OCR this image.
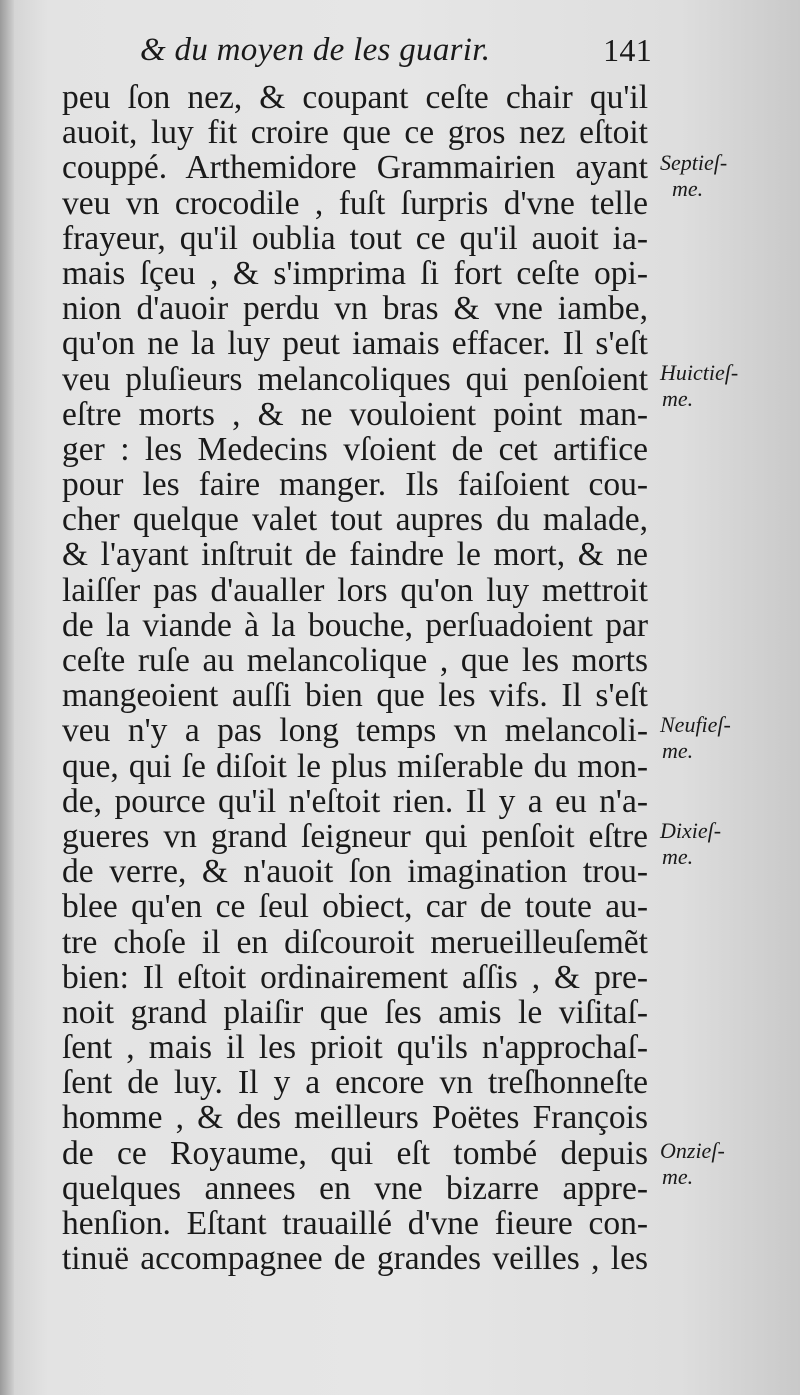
& du moyen de les guarir.	141
peu ſon nez, & coupant ceſte chair qu'il
auoit, luy fit croire que ce gros nez eſtoit
couppé. Arthemidore Grammairien ayant
veu vn crocodile , fuſt ſurpris d'vne telle
frayeur, qu'il oublia tout ce qu'il auoit ia-
mais ſçeu , & s'imprima ſi fort ceſte opi-
nion d'auoir perdu vn bras & vne iambe,
qu'on ne la luy peut iamais effacer. Il s'eſt
veu pluſieurs melancoliques qui penſoient
eſtre morts , & ne vouloient point man-
ger : les Medecins vſoient de cet artifice
pour les faire manger. Ils faiſoient cou-
cher quelque valet tout aupres du malade,
& l'ayant inſtruit de faindre le mort, & ne
laiſſer pas d'aualler lors qu'on luy mettroit
de la viande à la bouche, perſuadoient par
ceſte ruſe au melancolique , que les morts
mangeoient auſſi bien que les vifs. Il s'eſt
veu n'y a pas long temps vn melancoli-
que, qui ſe diſoit le plus miſerable du mon-
de, pource qu'il n'eſtoit rien. Il y a eu n'a-
gueres vn grand ſeigneur qui penſoit eſtre
de verre, & n'auoit ſon imagination trou-
blee qu'en ce ſeul obiect, car de toute au-
tre choſe il en diſcouroit merueilleuſemẽt
bien: Il eſtoit ordinairement aſſis , & pre-
noit grand plaiſir que ſes amis le viſitaſ-
ſent , mais il les prioit qu'ils n'approchaſ-
ſent de luy. Il y a encore vn treſhonneſte
homme , & des meilleurs Poëtes François
de ce Royaume, qui eſt tombé depuis
quelques annees en vne bizarre appre-
henſion. Eſtant trauaillé d'vne fieure con-
tinuë accompagnee de grandes veilles , les
Septieſ-
me.
Huictieſ-
me.
Neufieſ-
me.
Dixieſ-
me.
Onzieſ-
me.
